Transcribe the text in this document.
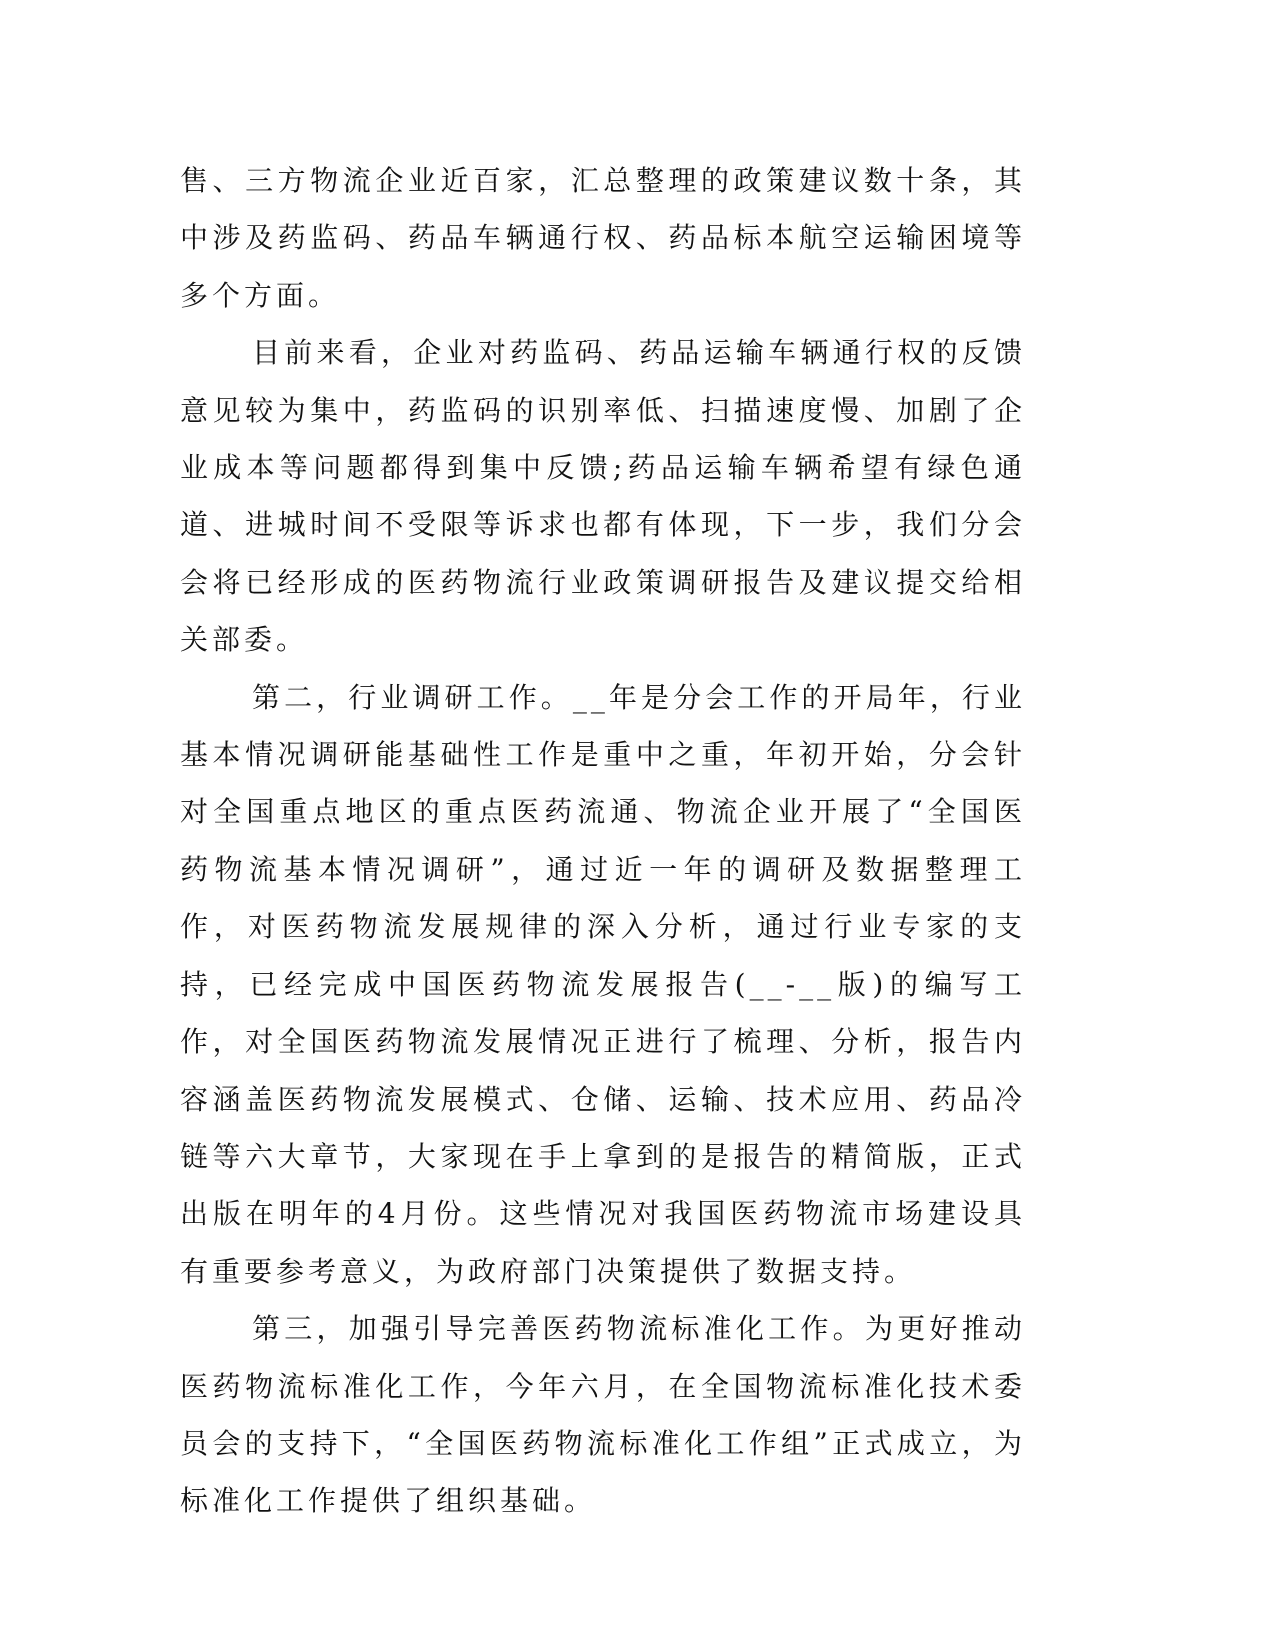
售、三方物流企业近百家，汇总整理的政策建议数十条，其中涉及药监码、药品车辆通行权、药品标本航空运输困境等多个方面。

目前来看，企业对药监码、药品运输车辆通行权的反馈意见较为集中，药监码的识别率低、扫描速度慢、加剧了企业成本等问题都得到集中反馈;药品运输车辆希望有绿色通道、进城时间不受限等诉求也都有体现，下一步，我们分会会将已经形成的医药物流行业政策调研报告及建议提交给相关部委。

第二，行业调研工作。__年是分会工作的开局年，行业基本情况调研能基础性工作是重中之重，年初开始，分会针对全国重点地区的重点医药流通、物流企业开展了“全国医药物流基本情况调研”，通过近一年的调研及数据整理工作，对医药物流发展规律的深入分析，通过行业专家的支持，已经完成中国医药物流发展报告(__-__版)的编写工作，对全国医药物流发展情况正进行了梳理、分析，报告内容涵盖医药物流发展模式、仓储、运输、技术应用、药品冷链等六大章节，大家现在手上拿到的是报告的精简版，正式出版在明年的4月份。这些情况对我国医药物流市场建设具有重要参考意义，为政府部门决策提供了数据支持。

第三，加强引导完善医药物流标准化工作。为更好推动医药物流标准化工作，今年六月，在全国物流标准化技术委员会的支持下，“全国医药物流标准化工作组”正式成立，为标准化工作提供了组织基础。
